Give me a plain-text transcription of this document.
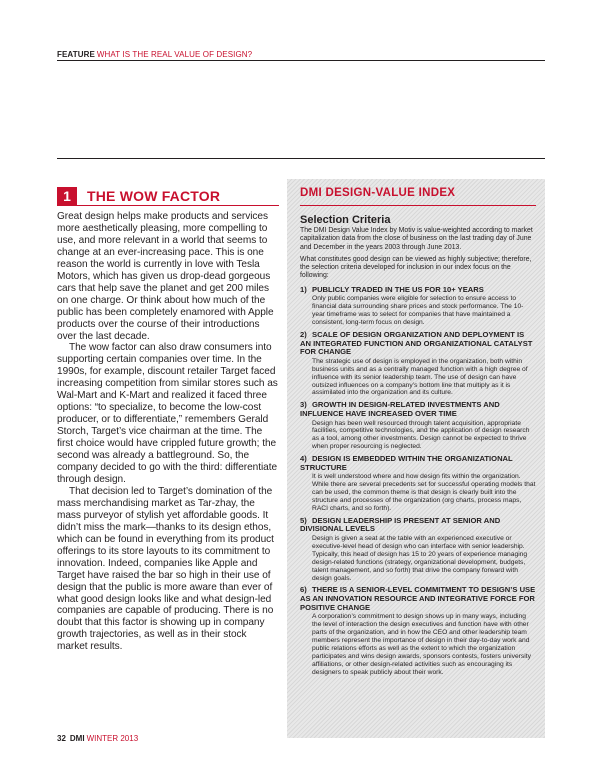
FEATURE WHAT IS THE REAL VALUE OF DESIGN?
1	THE WOW FACTOR

Great design helps make products and services more aesthetically pleasing, more compelling to use, and more relevant in a world that seems to change at an ever-increasing pace. This is one reason the world is currently in love with Tesla Motors, which has given us drop-dead gorgeous cars that help save the planet and get 200 miles on one charge. Or think about how much of the public has been completely enamored with Apple products over the course of their introductions over the last decade.

The wow factor can also draw consumers into supporting certain companies over time. In the 1990s, for example, discount retailer Target faced increasing competition from similar stores such as Wal-Mart and K-Mart and realized it faced three options: “to specialize, to become the low-cost producer, or to differentiate,” remembers Gerald Storch, Target’s vice chairman at the time. The first choice would have crippled future growth; the second was already a battleground. So, the company decided to go with the third: differentiate through design.

That decision led to Target’s domination of the mass merchandising market as Tar-zhay, the mass purveyor of stylish yet affordable goods. It didn’t miss the mark—thanks to its design ethos, which can be found in everything from its product offerings to its store layouts to its commitment to innovation. Indeed, companies like Apple and Target have raised the bar so high in their use of design that the public is more aware than ever of what good design looks like and what design-led companies are capable of producing. There is no doubt that this factor is showing up in company growth trajectories, as well as in their stock market results.

DMI DESIGN-VALUE INDEX
Selection Criteria
The DMI Design Value Index by Motiv is value-weighted according to market capitalization data from the close of business on the last trading day of June and December in the years 2003 through June 2013.
What constitutes good design can be viewed as highly subjective; therefore, the selection criteria developed for inclusion in our index focus on the following:
1) PUBLICLY TRADED IN THE US FOR 10+ YEARS
Only public companies were eligible for selection to ensure access to financial data surrounding share prices and stock performance. The 10-year timeframe was to select for companies that have maintained a consistent, long-term focus on design.
2) SCALE OF DESIGN ORGANIZATION AND DEPLOYMENT IS AN INTEGRATED FUNCTION AND ORGANIZATIONAL CATALYST FOR CHANGE
The strategic use of design is employed in the organization, both within business units and as a centrally managed function with a high degree of influence with its senior leadership team. The use of design can have outsized influences on a company’s bottom line that multiply as it is assimilated into the organization and its culture.
3) GROWTH IN DESIGN-RELATED INVESTMENTS AND INFLUENCE HAVE INCREASED OVER TIME
Design has been well resourced through talent acquisition, appropriate facilities, competitive technologies, and the application of design research as a tool, among other investments. Design cannot be expected to thrive when proper resourcing is neglected.
4) DESIGN IS EMBEDDED WITHIN THE ORGANIZATIONAL STRUCTURE
It is well understood where and how design fits within the organization. While there are several precedents set for successful operating models that can be used, the common theme is that design is clearly built into the structure and processes of the organization (org charts, process maps, RACI charts, and so forth).
5) DESIGN LEADERSHIP IS PRESENT AT SENIOR AND DIVISIONAL LEVELS
Design is given a seat at the table with an experienced executive or executive-level head of design who can interface with senior leadership. Typically, this head of design has 15 to 20 years of experience managing design-related functions (strategy, organizational development, budgets, talent management, and so forth) that drive the company forward with design goals.
6) THERE IS A SENIOR-LEVEL COMMITMENT TO DESIGN’S USE AS AN INNOVATION RESOURCE AND INTEGRATIVE FORCE FOR POSITIVE CHANGE
A corporation’s commitment to design shows up in many ways, including the level of interaction the design executives and function have with other parts of the organization, and in how the CEO and other leadership team members represent the importance of design in their day-to-day work and public relations efforts as well as the extent to which the organization participates and wins design awards, sponsors contests, fosters university affiliations, or other design-related activities such as encouraging its designers to speak publicly about their work.
32 DMI WINTER 2013
